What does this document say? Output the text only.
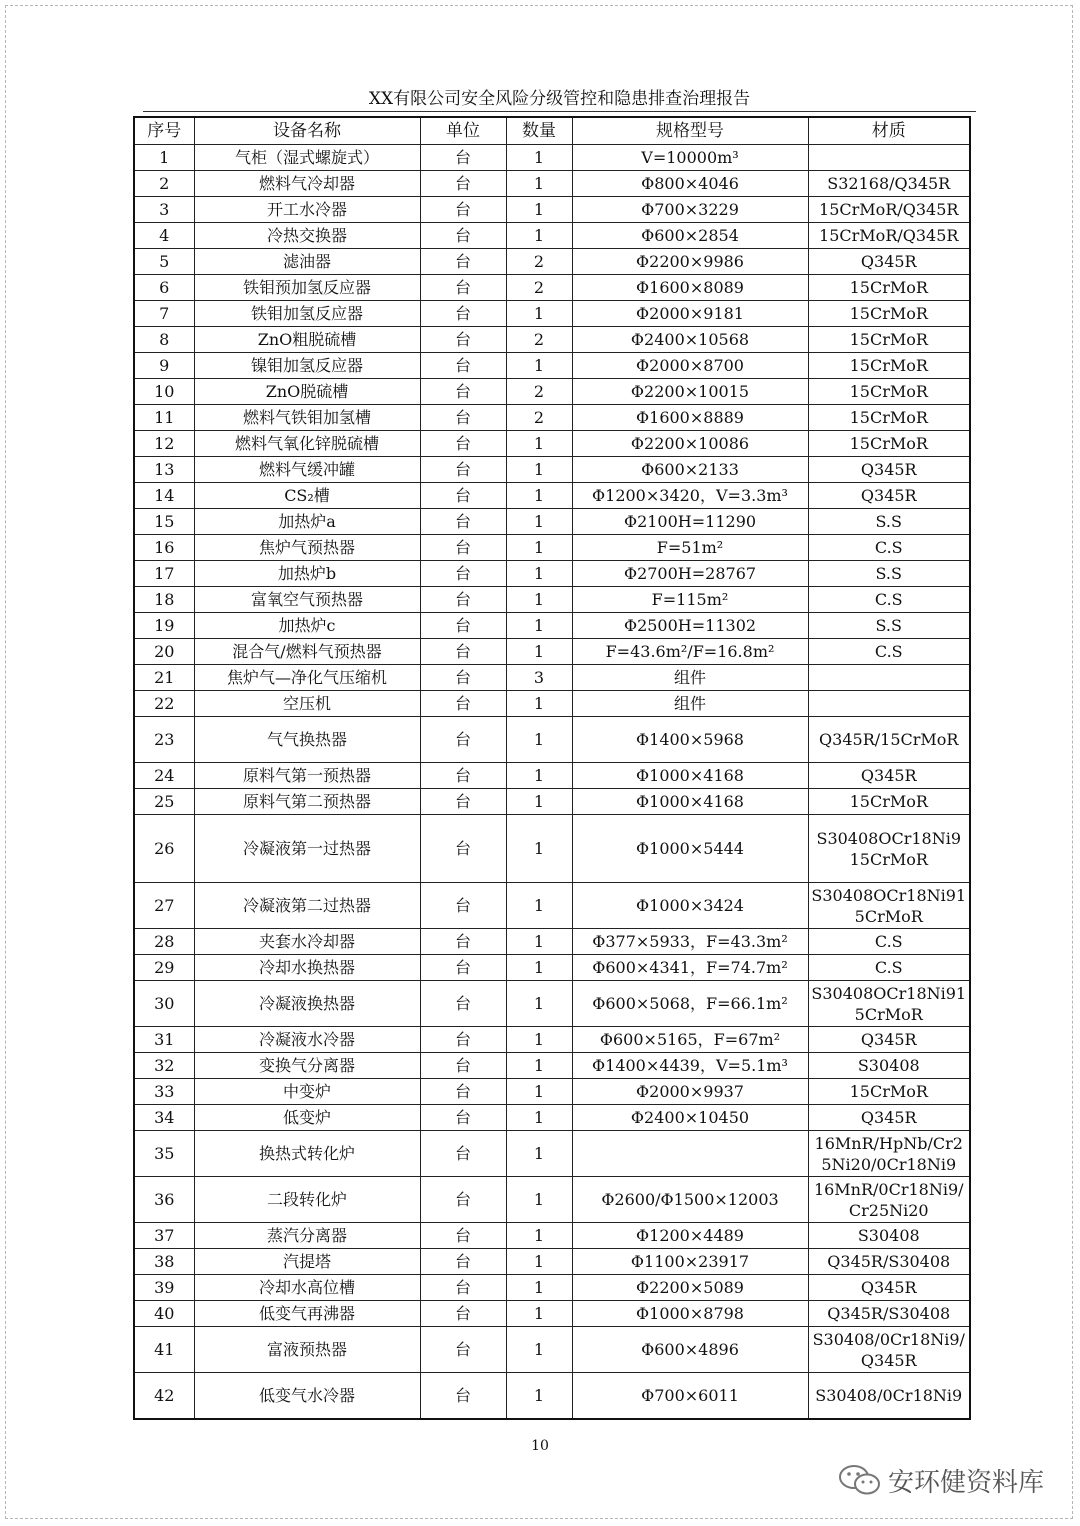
XX有限公司安全风险分级管控和隐患排查治理报告
序号	设备名称	单位	数量	规格型号	材质
1	气柜（湿式螺旋式）	台	1	V=10000m³	
2	燃料气冷却器	台	1	Φ800×4046	S32168/Q345R
3	开工水冷器	台	1	Φ700×3229	15CrMoR/Q345R
4	冷热交换器	台	1	Φ600×2854	15CrMoR/Q345R
5	滤油器	台	2	Φ2200×9986	Q345R
6	铁钼预加氢反应器	台	2	Φ1600×8089	15CrMoR
7	铁钼加氢反应器	台	1	Φ2000×9181	15CrMoR
8	ZnO粗脱硫槽	台	2	Φ2400×10568	15CrMoR
9	镍钼加氢反应器	台	1	Φ2000×8700	15CrMoR
10	ZnO脱硫槽	台	2	Φ2200×10015	15CrMoR
11	燃料气铁钼加氢槽	台	2	Φ1600×8889	15CrMoR
12	燃料气氧化锌脱硫槽	台	1	Φ2200×10086	15CrMoR
13	燃料气缓冲罐	台	1	Φ600×2133	Q345R
14	CS₂槽	台	1	Φ1200×3420，V=3.3m³	Q345R
15	加热炉a	台	1	Φ2100H=11290	S.S
16	焦炉气预热器	台	1	F=51m²	C.S
17	加热炉b	台	1	Φ2700H=28767	S.S
18	富氧空气预热器	台	1	F=115m²	C.S
19	加热炉c	台	1	Φ2500H=11302	S.S
20	混合气/燃料气预热器	台	1	F=43.6m²/F=16.8m²	C.S
21	焦炉气—净化气压缩机	台	3	组件	
22	空压机	台	1	组件	
23	气气换热器	台	1	Φ1400×5968	Q345R/15CrMoR
24	原料气第一预热器	台	1	Φ1000×4168	Q345R
25	原料气第二预热器	台	1	Φ1000×4168	15CrMoR
26	冷凝液第一过热器	台	1	Φ1000×5444	S30408OCr18Ni9 15CrMoR
27	冷凝液第二过热器	台	1	Φ1000×3424	S30408OCr18Ni915CrMoR
28	夹套水冷却器	台	1	Φ377×5933，F=43.3m²	C.S
29	冷却水换热器	台	1	Φ600×4341，F=74.7m²	C.S
30	冷凝液换热器	台	1	Φ600×5068，F=66.1m²	S30408OCr18Ni915CrMoR
31	冷凝液水冷器	台	1	Φ600×5165，F=67m²	Q345R
32	变换气分离器	台	1	Φ1400×4439，V=5.1m³	S30408
33	中变炉	台	1	Φ2000×9937	15CrMoR
34	低变炉	台	1	Φ2400×10450	Q345R
35	换热式转化炉	台	1		16MnR/HpNb/Cr25Ni20/0Cr18Ni9
36	二段转化炉	台	1	Φ2600/Φ1500×12003	16MnR/0Cr18Ni9/Cr25Ni20
37	蒸汽分离器	台	1	Φ1200×4489	S30408
38	汽提塔	台	1	Φ1100×23917	Q345R/S30408
39	冷却水高位槽	台	1	Φ2200×5089	Q345R
40	低变气再沸器	台	1	Φ1000×8798	Q345R/S30408
41	富液预热器	台	1	Φ600×4896	S30408/0Cr18Ni9/Q345R
42	低变气水冷器	台	1	Φ700×6011	S30408/0Cr18Ni9
10
安环健资料库
